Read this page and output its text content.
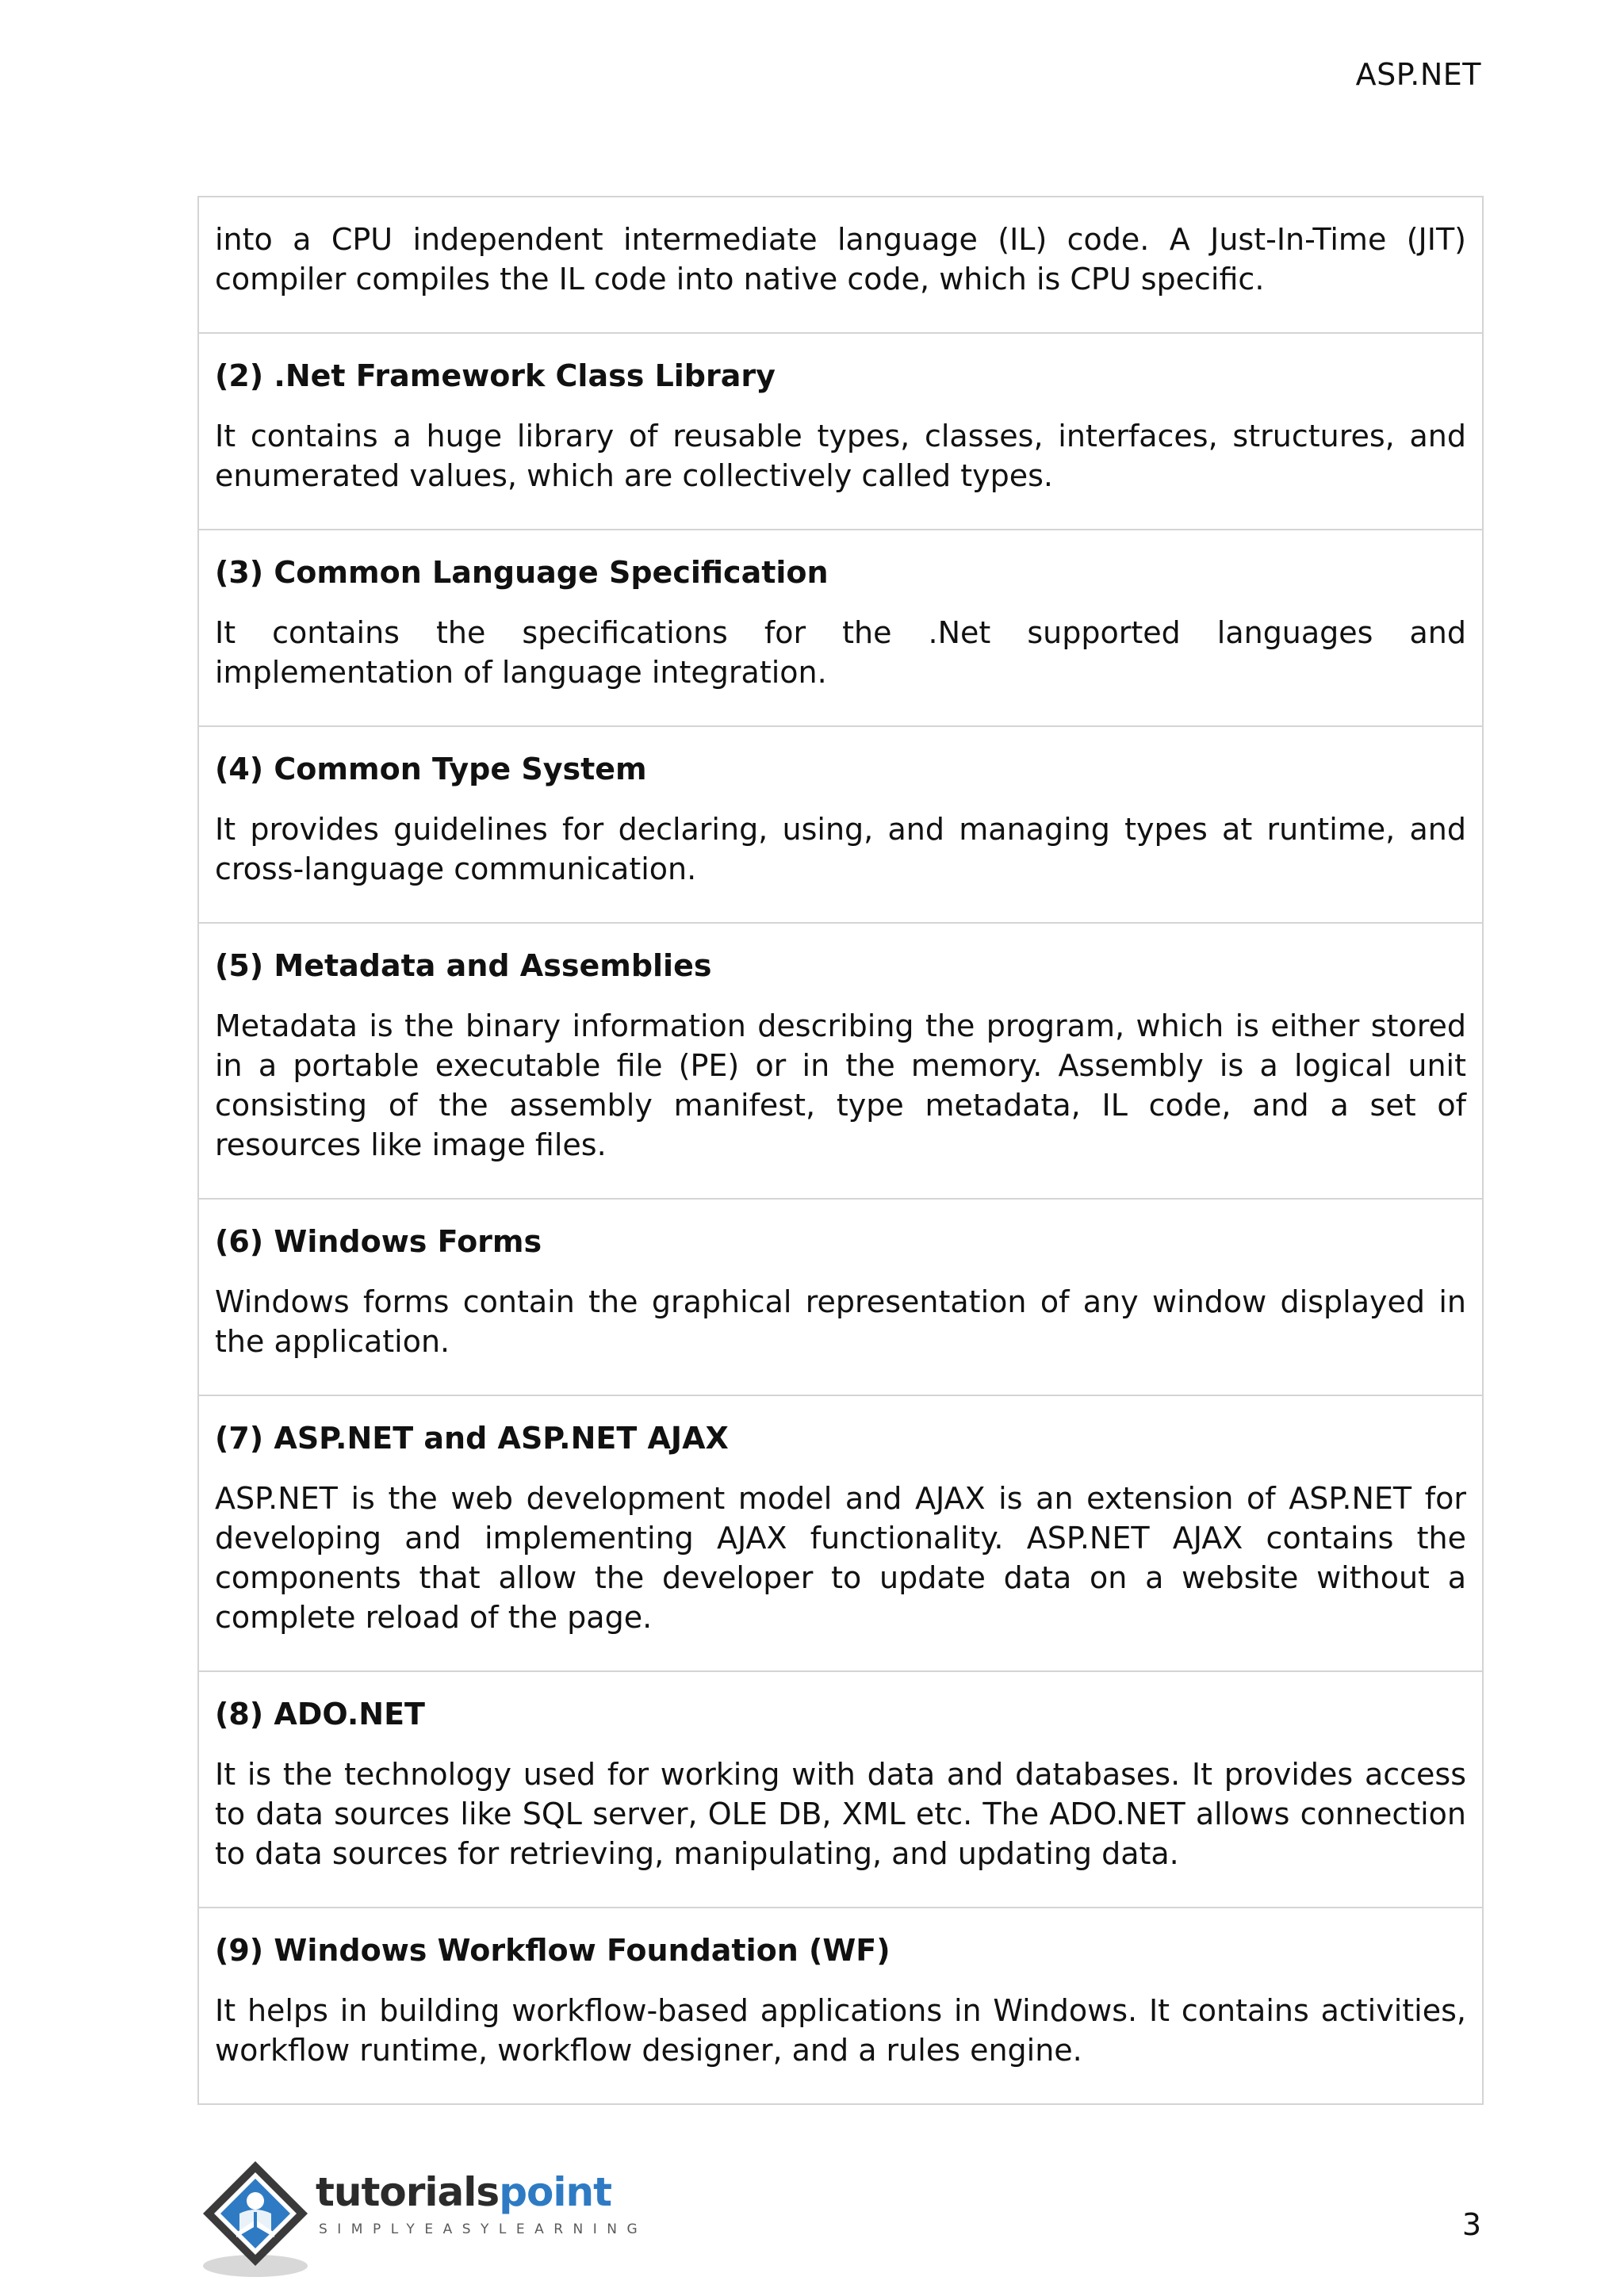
ASP.NET

into a CPU independent intermediate language (IL) code. A Just-In-Time (JIT) compiler compiles the IL code into native code, which is CPU specific.

(2) .Net Framework Class Library

It contains a huge library of reusable types, classes, interfaces, structures, and enumerated values, which are collectively called types.

(3) Common Language Specification

It contains the specifications for the .Net supported languages and implementation of language integration.

(4) Common Type System

It provides guidelines for declaring, using, and managing types at runtime, and cross-language communication.

(5) Metadata and Assemblies

Metadata is the binary information describing the program, which is either stored in a portable executable file (PE) or in the memory. Assembly is a logical unit consisting of the assembly manifest, type metadata, IL code, and a set of resources like image files.

(6) Windows Forms

Windows forms contain the graphical representation of any window displayed in the application.

(7) ASP.NET and ASP.NET AJAX

ASP.NET is the web development model and AJAX is an extension of ASP.NET for developing and implementing AJAX functionality. ASP.NET AJAX contains the components that allow the developer to update data on a website without a complete reload of the page.

(8) ADO.NET

It is the technology used for working with data and databases. It provides access to data sources like SQL server, OLE DB, XML etc. The ADO.NET allows connection to data sources for retrieving, manipulating, and updating data.

(9) Windows Workflow Foundation (WF)

It helps in building workflow-based applications in Windows. It contains activities, workflow runtime, workflow designer, and a rules engine.

tutorialspoint
SIMPLYEASYLEARNING	3
